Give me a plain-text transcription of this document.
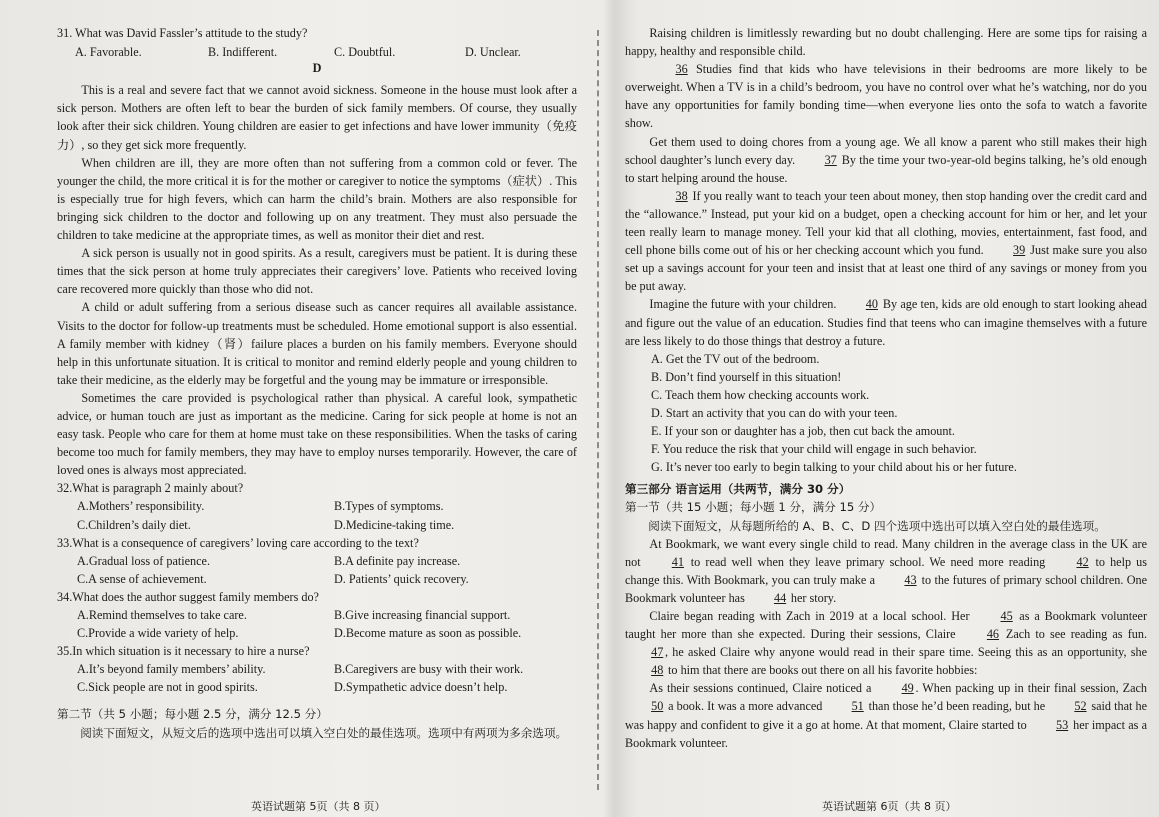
31. What was David Fassler’s attitude to the study?

A. Favorable.	B. Indifferent.	C. Doubtful.	D. Unclear.
D

This is a real and severe fact that we cannot avoid sickness. Someone in the house must look after a sick person. Mothers are often left to bear the burden of sick family members. Of course, they usually look after their sick children. Young children are easier to get infections and have lower immunity（免疫力）, so they get sick more frequently.

When children are ill, they are more often than not suffering from a common cold or fever. The younger the child, the more critical it is for the mother or caregiver to notice the symptoms（症状）. This is especially true for high fevers, which can harm the child’s brain. Mothers are also responsible for bringing sick children to the doctor and following up on any treatment. They must also persuade the children to take medicine at the appropriate times, as well as monitor their diet and rest.

A sick person is usually not in good spirits. As a result, caregivers must be patient. It is during these times that the sick person at home truly appreciates their caregivers’ love. Patients who received loving care recovered more quickly than those who did not.

A child or adult suffering from a serious disease such as cancer requires all available assistance. Visits to the doctor for follow-up treatments must be scheduled. Home emotional support is also essential. A family member with kidney（肾）failure places a burden on his family members. Everyone should help in this unfortunate situation. It is critical to monitor and remind elderly people and young children to take their medicine, as the elderly may be forgetful and the young may be immature or irresponsible.

Sometimes the care provided is psychological rather than physical. A careful look, sympathetic advice, or human touch are just as important as the medicine. Caring for sick people at home is not an easy task. People who care for them at home must take on these responsibilities. When the tasks of caring become too much for family members, they may have to employ nurses temporarily. However, the care of loved ones is always most appreciated.

32.What is paragraph 2 mainly about?

A.Mothers’ responsibility.	B.Types of symptoms.
C.Children’s daily diet.	D.Medicine-taking time.

33.What is a consequence of caregivers’ loving care according to the text?

A.Gradual loss of patience.	B.A definite pay increase.
C.A sense of achievement.	D. Patients’ quick recovery.

34.What does the author suggest family members do?

A.Remind themselves to take care.	B.Give increasing financial support.
C.Provide a wide variety of help.	D.Become mature as soon as possible.

35.In which situation is it necessary to hire a nurse?

A.It’s beyond family members’ ability.	B.Caregivers are busy with their work.
C.Sick people are not in good spirits.	D.Sympathetic advice doesn’t help.

第二节（共 5 小题；每小题 2.5 分，满分 12.5 分）

阅读下面短文，从短文后的选项中选出可以填入空白处的最佳选项。选项中有两项为多余选项。

Raising children is limitlessly rewarding but no doubt challenging. Here are some tips for raising a happy, healthy and responsible child.

36 Studies find that kids who have televisions in their bedrooms are more likely to be overweight. When a TV is in a child’s bedroom, you have no control over what he’s watching, nor do you have any opportunities for family bonding time—when everyone lies onto the sofa to watch a favorite show.

Get them used to doing chores from a young age. We all know a parent who still makes their high school daughter’s lunch every day. 37 By the time your two-year-old begins talking, he’s old enough to start helping around the house.

38 If you really want to teach your teen about money, then stop handing over the credit card and the “allowance.” Instead, put your kid on a budget, open a checking account for him or her, and let your teen really learn to manage money. Tell your kid that all clothing, movies, entertainment, fast food, and cell phone bills come out of his or her checking account which you fund. 39 Just make sure you also set up a savings account for your teen and insist that at least one third of any savings or money from you be put away.

Imagine the future with your children. 40 By age ten, kids are old enough to start looking ahead and figure out the value of an education. Studies find that teens who can imagine themselves with a future are less likely to do those things that destroy a future.

A. Get the TV out of the bedroom.

B. Don’t find yourself in this situation!

C. Teach them how checking accounts work.

D. Start an activity that you can do with your teen.

E. If your son or daughter has a job, then cut back the amount.

F. You reduce the risk that your child will engage in such behavior.

G. It’s never too early to begin talking to your child about his or her future.

第三部分 语言运用（共两节，满分 30 分）

第一节（共 15 小题；每小题 1 分，满分 15 分）

阅读下面短文，从每题所给的 A、B、C、D 四个选项中选出可以填入空白处的最佳选项。

At Bookmark, we want every single child to read. Many children in the average class in the UK are not 41 to read well when they leave primary school. We need more reading 42 to help us change this. With Bookmark, you can truly make a 43 to the futures of primary school children. One Bookmark volunteer has 44 her story.

Claire began reading with Zach in 2019 at a local school. Her 45 as a Bookmark volunteer taught her more than she expected. During their sessions, Claire 46 Zach to see reading as fun. 47 , he asked Claire why anyone would read in their spare time. Seeing this as an opportunity, she 48 to him that there are books out there on all his favorite hobbies:

As their sessions continued, Claire noticed a 49 . When packing up in their final session, Zach 50 a book. It was a more advanced 51 than those he’d been reading, but he 52 said that he was happy and confident to give it a go at home. At that moment, Claire started to 53 her impact as a Bookmark volunteer.

英语试题第 5页（共 8 页）	英语试题第 6页（共 8 页）
